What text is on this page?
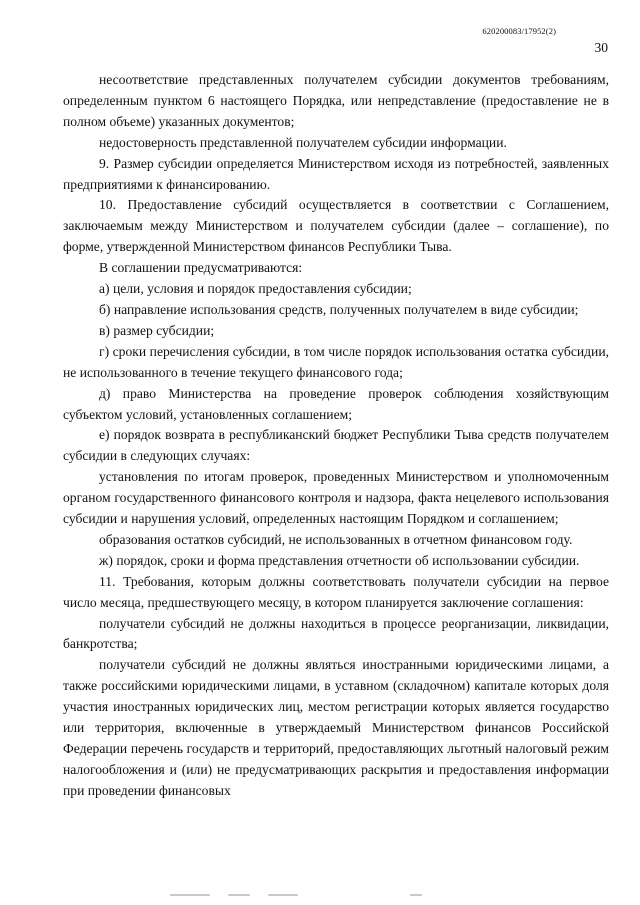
620200083/17952(2)
30

несоответствие представленных получателем субсидии документов требованиям, определенным пунктом 6 настоящего Порядка, или непредставление (предоставление не в полном объеме) указанных документов;

недостоверность представленной получателем субсидии информации.

9. Размер субсидии определяется Министерством исходя из потребностей, заявленных предприятиями к финансированию.

10. Предоставление субсидий осуществляется в соответствии с Соглашением, заключаемым между Министерством и получателем субсидии (далее – соглашение), по форме, утвержденной Министерством финансов Республики Тыва.

В соглашении предусматриваются:

а) цели, условия и порядок предоставления субсидии;

б) направление использования средств, полученных получателем в виде субсидии;

в) размер субсидии;

г) сроки перечисления субсидии, в том числе порядок использования остатка субсидии, не использованного в течение текущего финансового года;

д) право Министерства на проведение проверок соблюдения хозяйствующим субъектом условий, установленных соглашением;

е) порядок возврата в республиканский бюджет Республики Тыва средств получателем субсидии в следующих случаях:

установления по итогам проверок, проведенных Министерством и уполномоченным органом государственного финансового контроля и надзора, факта нецелевого использования субсидии и нарушения условий, определенных настоящим Порядком и соглашением;

образования остатков субсидий, не использованных в отчетном финансовом году.

ж) порядок, сроки и форма представления отчетности об использовании субсидии.

11. Требования, которым должны соответствовать получатели субсидии на первое число месяца, предшествующего месяцу, в котором планируется заключение соглашения:

получатели субсидий не должны находиться в процессе реорганизации, ликвидации, банкротства;

получатели субсидий не должны являться иностранными юридическими лицами, а также российскими юридическими лицами, в уставном (складочном) капитале которых доля участия иностранных юридических лиц, местом регистрации которых является государство или территория, включенные в утверждаемый Министерством финансов Российской Федерации перечень государств и территорий, предоставляющих льготный налоговый режим налогообложения и (или) не предусматривающих раскрытия и предоставления информации при проведении финансовых
